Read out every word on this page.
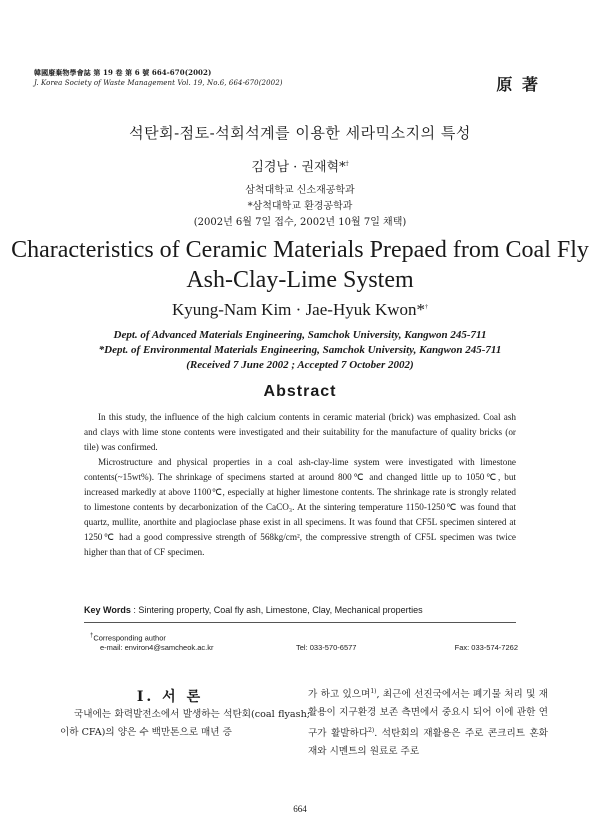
韓國廢棄物學會誌 第 19 卷 第 6 號 664-670(2002)
J. Korea Society of Waste Management Vol. 19, No.6, 664-670(2002)	原 著
석탄회-점토-석회석계를 이용한 세라믹소지의 특성
김경남 · 권재혁*†
삼척대학교 신소재공학과
*삼척대학교 환경공학과
(2002년 6월 7일 접수, 2002년 10월 7일 채택)
Characteristics of Ceramic Materials Prepaed from Coal Fly
Ash-Clay-Lime System
Kyung-Nam Kim · Jae-Hyuk Kwon*†
Dept. of Advanced Materials Engineering, Samchok University, Kangwon 245-711
*Dept. of Environmental Materials Engineering, Samchok University, Kangwon 245-711
(Received 7 June 2002 ; Accepted 7 October 2002)
Abstract

In this study, the influence of the high calcium contents in ceramic material (brick) was emphasized. Coal ash and clays with lime stone contents were investigated and their suitability for the manufacture of quality bricks (or tile) was confirmed.

Microstructure and physical properties in a coal ash-clay-lime system were investigated with limestone contents(~15wt%). The shrinkage of specimens started at around 800℃ and changed little up to 1050℃, but increased markedly at above 1100℃, especially at higher limestone contents. The shrinkage rate is strongly related to limestone contents by decarbonization of the CaCO₃. At the sintering temperature 1150-1250℃ was found that quartz, mullite, anorthite and plagioclase phase exist in all specimens. It was found that CF5L specimen sintered at 1250℃ had a good compressive strength of 568kg/cm², the compressive strength of CF5L specimen was twice higher than that of CF specimen.

Key Words : Sintering property, Coal fly ash, Limestone, Clay, Mechanical properties
†Corresponding author
e-mail: environ4@samcheok.ac.kr	Tel: 033-570-6577	Fax: 033-574-7262
Ⅰ. 서 론

국내에는 화력발전소에서 발생하는 석탄회(coal flyash; 이하 CFA)의 양은 수 백만톤으로 매년 증

가 하고 있으며$^{1)}$, 최근에 선진국에서는 폐기물 처리 및 재활용이 지구환경 보존 측면에서 중요시 되어 이에 관한 연구가 활발하다$^{2)}$. 석탄회의 재활용은 주로 콘크리트 혼화재와 시멘트의 원료로 주로

664
